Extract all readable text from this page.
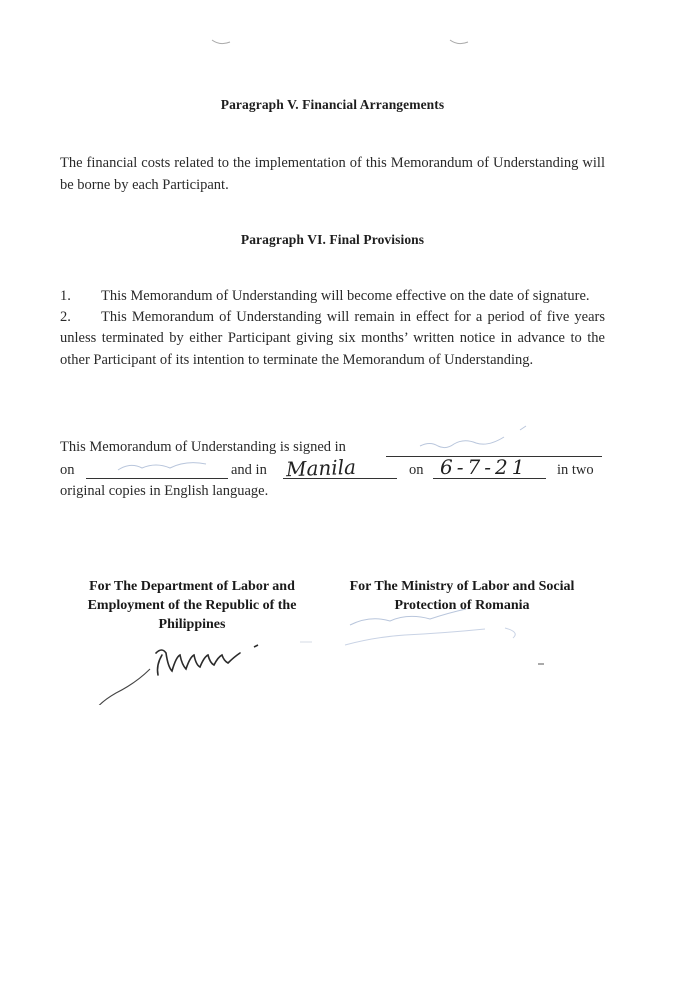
Paragraph V. Financial Arrangements
The financial costs related to the implementation of this Memorandum of Understanding will be borne by each Participant.
Paragraph VI. Final Provisions

1. This Memorandum of Understanding will become effective on the date of signature.

2. This Memorandum of Understanding will remain in effect for a period of five years unless terminated by either Participant giving six months’ written notice in advance to the other Participant of its intention to terminate the Memorandum of Understanding.

This Memorandum of Understanding is signed in
on	and in Manila	on 6-7-21 in two
original copies in English language.
For The Department of Labor and Employment of the Republic of the Philippines
For The Ministry of Labor and Social Protection of Romania
